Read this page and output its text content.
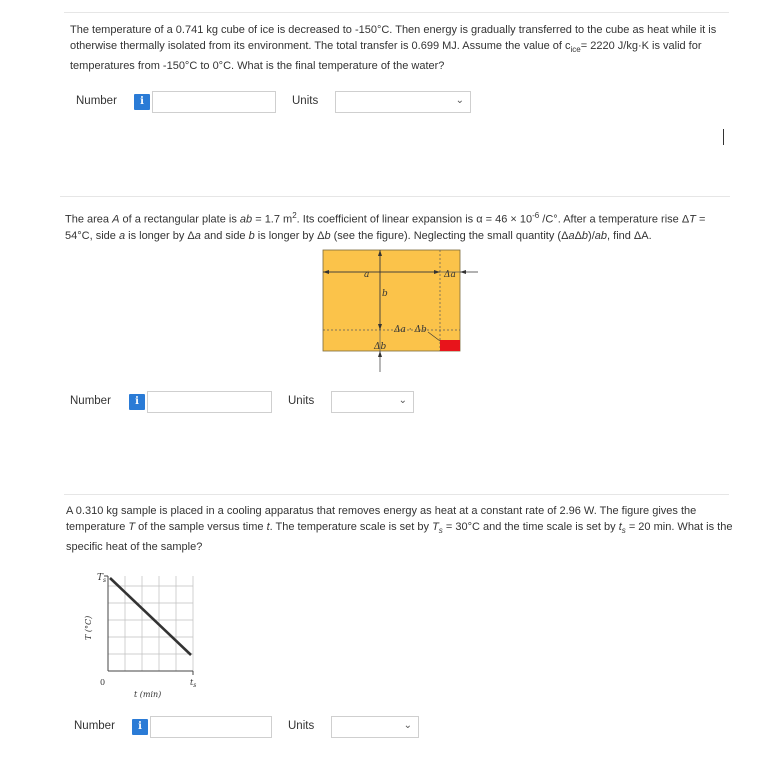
The temperature of a 0.741 kg cube of ice is decreased to -150°C. Then energy is gradually transferred to the cube as heat while it is
otherwise thermally isolated from its environment. The total transfer is 0.699 MJ. Assume the value of $c_{ice}= 2220$ J/kg·K is valid for
temperatures from -150°C to 0°C. What is the final temperature of the water?
Number	i	Units	⌄
The area A of a rectangular plate is ab = 1.7 $m^2$. Its coefficient of linear expansion is $\alpha = 46 \times 10^{-6}$ /C°. After a temperature rise ΔT =
54°C, side a is longer by Δa and side b is longer by Δb (see the figure). Neglecting the small quantity (ΔaΔb)/ab, find ΔA.
a
b
Δa
Δa · Δb
Δb
Number	i	Units	⌄
A 0.310 kg sample is placed in a cooling apparatus that removes energy as heat at a constant rate of 2.96 W. The figure gives the
temperature T of the sample versus time t. The temperature scale is set by $T_s = 30^\circ C$ and the time scale is set by $t_s = 20$ min. What is the
specific heat of the sample?
$T_s$
$t_s$
0
t (min)
T (°C)
Number	i	Units	⌄
